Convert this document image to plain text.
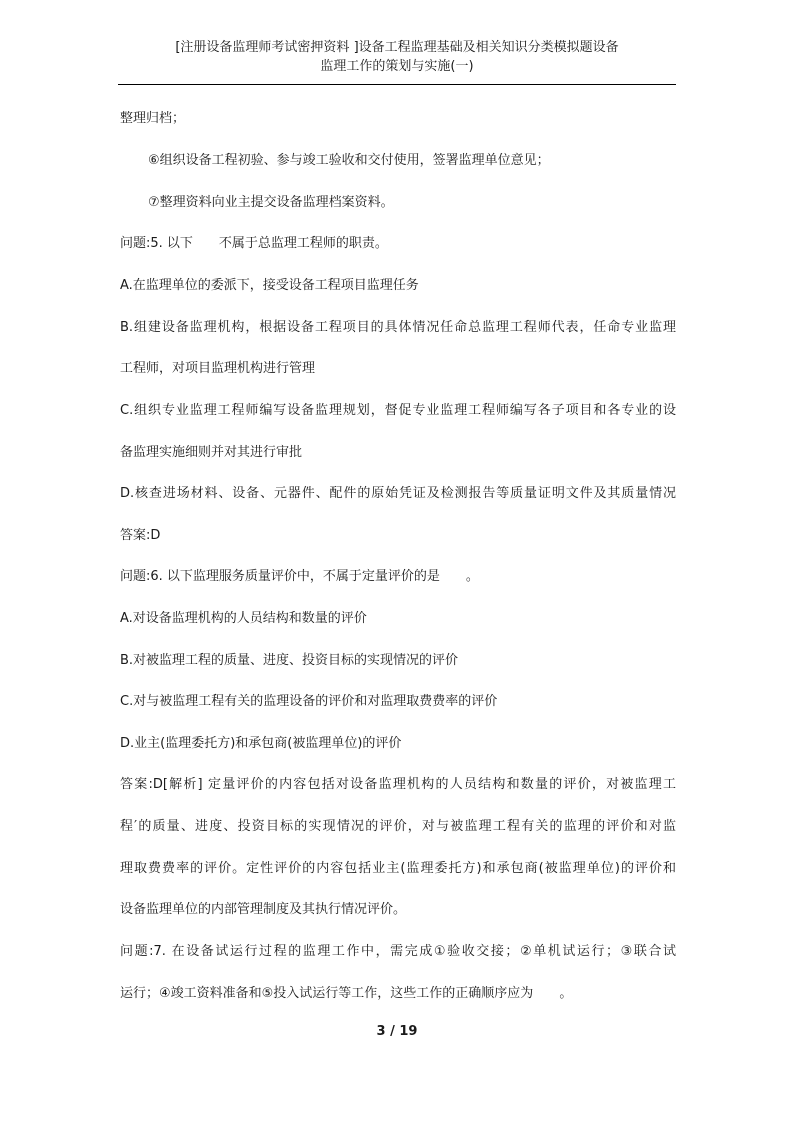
[注册设备监理师考试密押资料 ]设备工程监理基础及相关知识分类模拟题设备
监理工作的策划与实施(一)
整理归档；
⑥组织设备工程初验、参与竣工验收和交付使用，签署监理单位意见；
⑦整理资料向业主提交设备监理档案资料。
问题:5. 以下 不属于总监理工程师的职责。
A.在监理单位的委派下，接受设备工程项目监理任务
B.组建设备监理机构，根据设备工程项目的具体情况任命总监理工程师代表，任命专业监理
工程师，对项目监理机构进行管理
C.组织专业监理工程师编写设备监理规划，督促专业监理工程师编写各子项目和各专业的设
备监理实施细则并对其进行审批
D.核查进场材料、设备、元器件、配件的原始凭证及检测报告等质量证明文件及其质量情况
答案:D
问题:6. 以下监理服务质量评价中，不属于定量评价的是 。
A.对设备监理机构的人员结构和数量的评价
B.对被监理工程的质量、进度、投资目标的实现情况的评价
C.对与被监理工程有关的监理设备的评价和对监理取费费率的评价
D.业主(监理委托方)和承包商(被监理单位)的评价
答案:D[解析] 定量评价的内容包括对设备监理机构的人员结构和数量的评价，对被监理工
程′的质量、进度、投资目标的实现情况的评价，对与被监理工程有关的监理的评价和对监
理取费费率的评价。定性评价的内容包括业主(监理委托方)和承包商(被监理单位)的评价和
设备监理单位的内部管理制度及其执行情况评价。
问题:7. 在设备试运行过程的监理工作中，需完成①验收交接；②单机试运行；③联合试
运行；④竣工资料准备和⑤投入试运行等工作，这些工作的正确顺序应为 。
3 / 19
